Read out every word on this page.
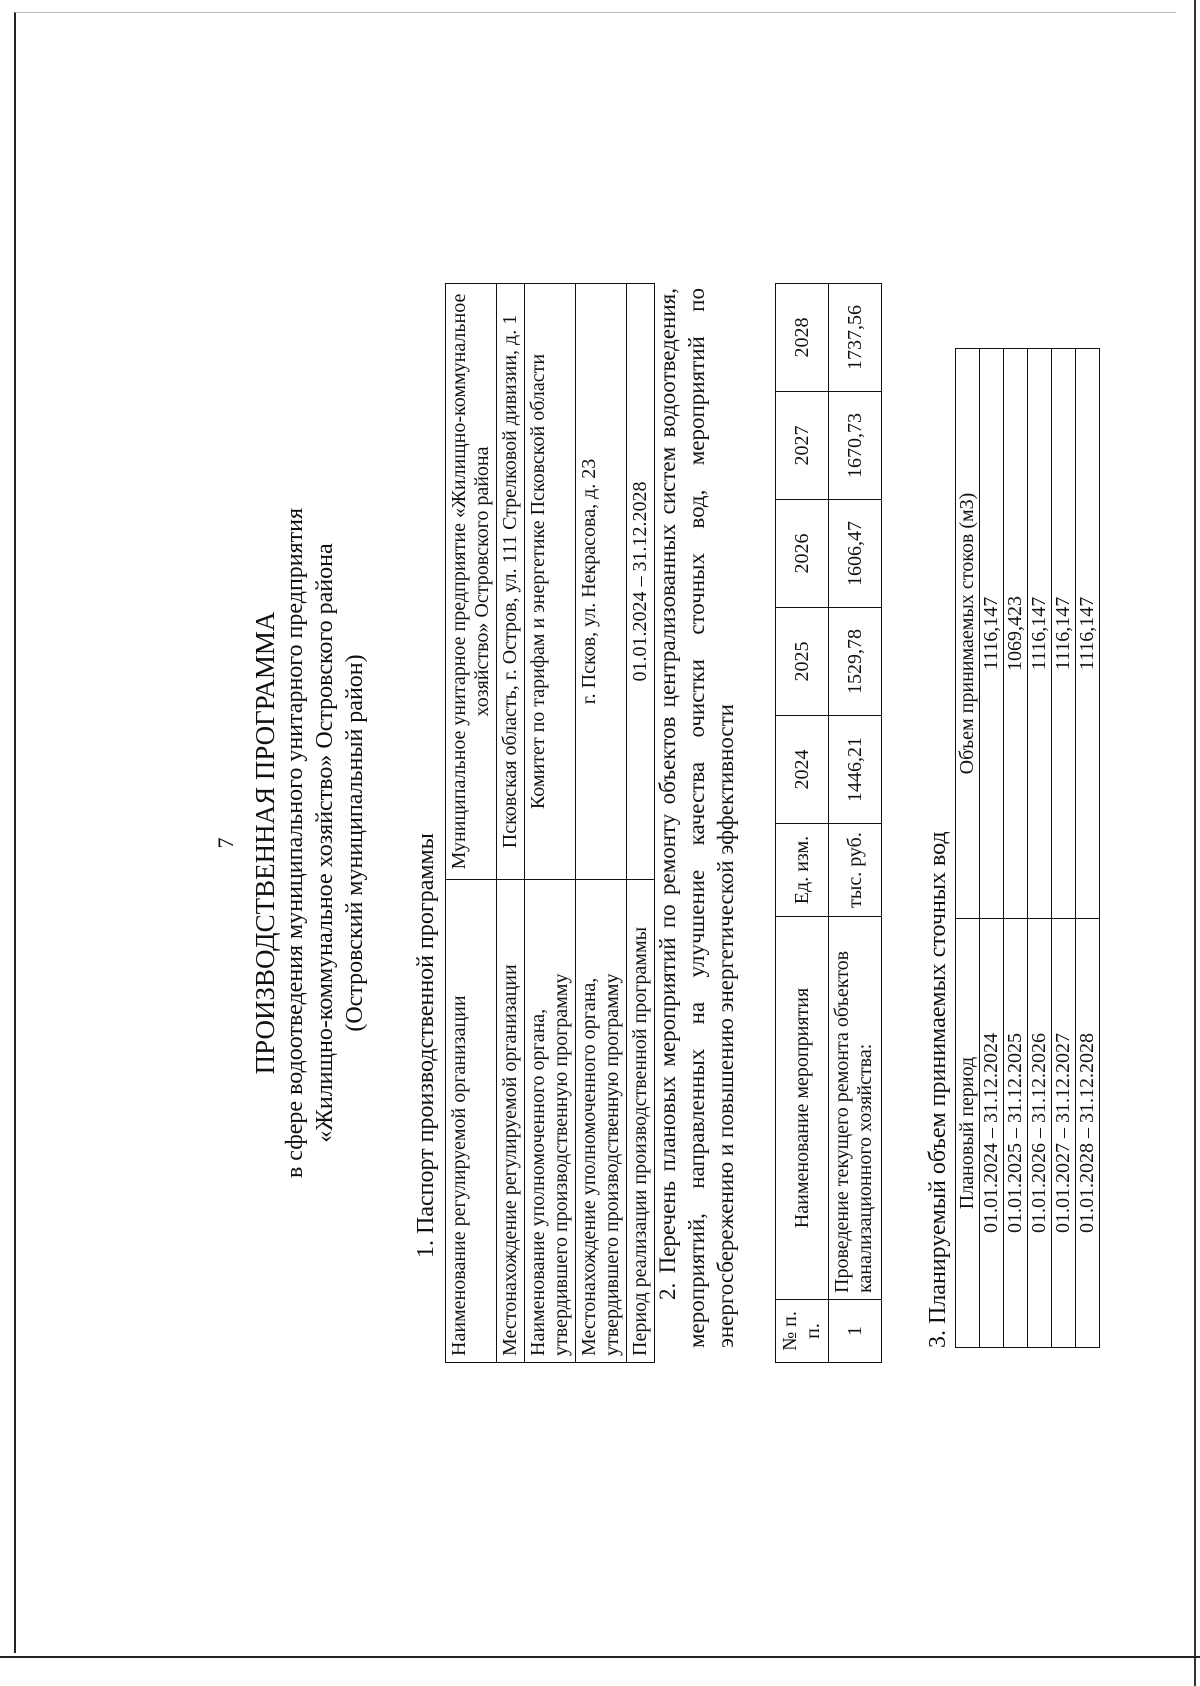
7 ПРОИЗВОДСТВЕННАЯ ПРОГРАММА в сфере водоотведения муниципального унитарного предприятия «Жилищно-коммунальное хозяйство» Островского района (Островский муниципальный район) 1. Паспорт производственной программы Наименование регулируемой организации	Муниципальное унитарное предприятие «Жилищно-коммунальное хозяйство» Островского района
Местонахождение регулируемой организации	Псковская область, г. Остров, ул. 111 Стрелковой дивизии, д. 1
Наименование уполномоченного органа, утвердившего производственную программу	Комитет по тарифам и энергетике Псковской области
Местонахождение уполномоченного органа, утвердившего производственную программу	г. Псков, ул. Некрасова, д. 23
Период реализации производственной программы	01.01.2024 – 31.12.2028 2. Перечень плановых мероприятий по ремонту объектов централизованных систем водоотведения, мероприятий, направленных на улучшение качества очистки сточных вод, мероприятий по энергосбережению и повышению энергетической эффективности № п. п.	Наименование мероприятия	Ед. изм.	2024	2025	2026	2027	2028
1	Проведение текущего ремонта объектов канализационного хозяйства:	тыс. руб.	1446,21	1529,78	1606,47	1670,73	1737,56
3. Планируемый объем принимаемых сточных вод Плановый период	Объем принимаемых стоков (м3)
01.01.2024 – 31.12.2024	1116,147
01.01.2025 – 31.12.2025	1069,423
01.01.2026 – 31.12.2026	1116,147
01.01.2027 – 31.12.2027	1116,147
01.01.2028 – 31.12.2028	1116,147
